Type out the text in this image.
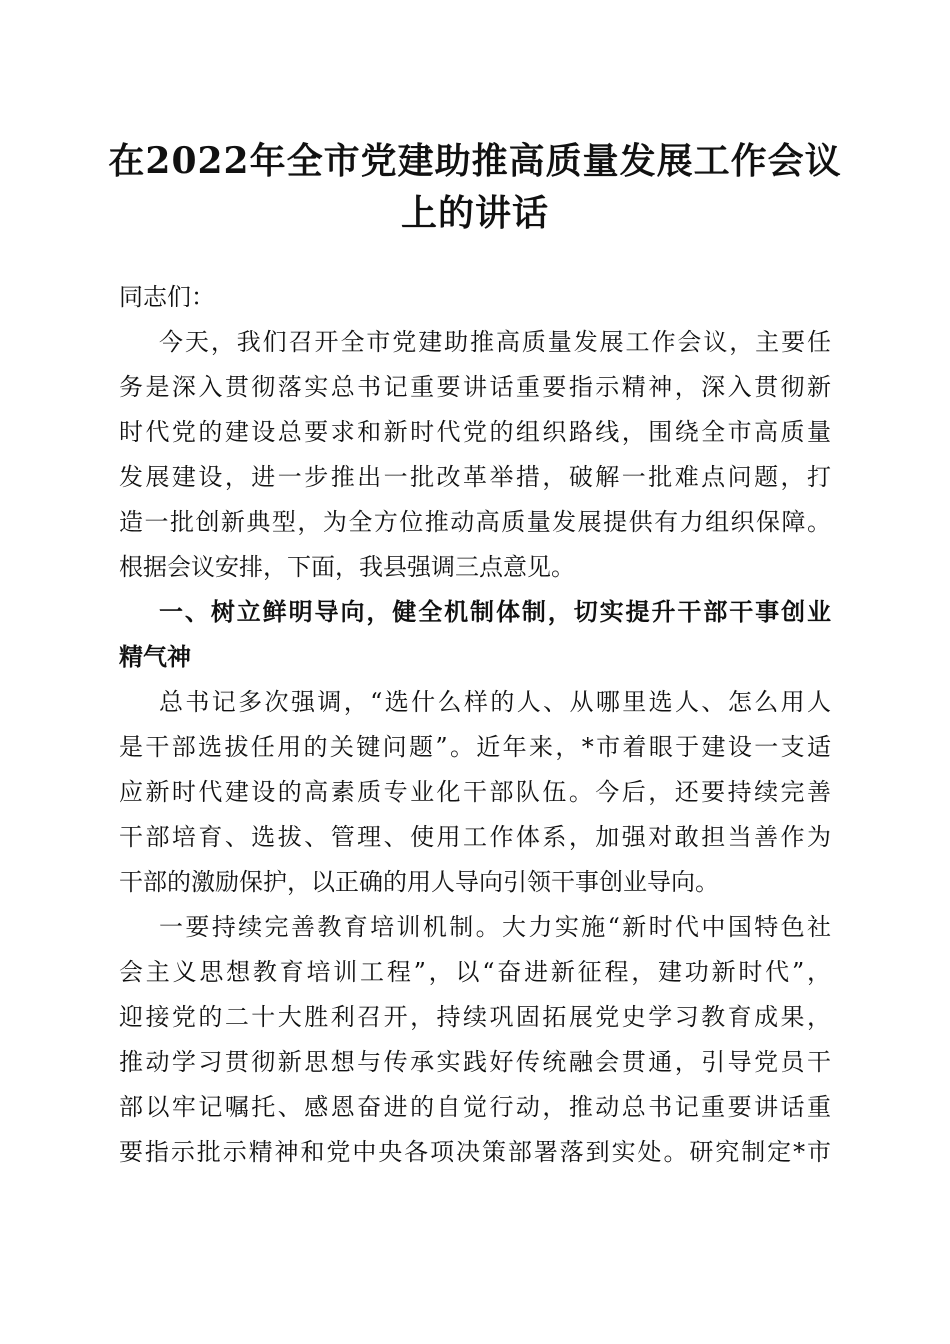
在2022年全市党建助推高质量发展工作会议
上的讲话
同志们：
今天，我们召开全市党建助推高质量发展工作会议，主要任
务是深入贯彻落实总书记重要讲话重要指示精神，深入贯彻新
时代党的建设总要求和新时代党的组织路线，围绕全市高质量
发展建设，进一步推出一批改革举措，破解一批难点问题，打
造一批创新典型，为全方位推动高质量发展提供有力组织保障。
根据会议安排，下面，我县强调三点意见。
一、树立鲜明导向，健全机制体制，切实提升干部干事创业
精气神
总书记多次强调，“选什么样的人、从哪里选人、怎么用人
是干部选拔任用的关键问题”。近年来，*市着眼于建设一支适
应新时代建设的高素质专业化干部队伍。今后，还要持续完善
干部培育、选拔、管理、使用工作体系，加强对敢担当善作为
干部的激励保护，以正确的用人导向引领干事创业导向。
一要持续完善教育培训机制。大力实施“新时代中国特色社
会主义思想教育培训工程”，以“奋进新征程，建功新时代”，
迎接党的二十大胜利召开，持续巩固拓展党史学习教育成果，
推动学习贯彻新思想与传承实践好传统融会贯通，引导党员干
部以牢记嘱托、感恩奋进的自觉行动，推动总书记重要讲话重
要指示批示精神和党中央各项决策部署落到实处。研究制定*市
